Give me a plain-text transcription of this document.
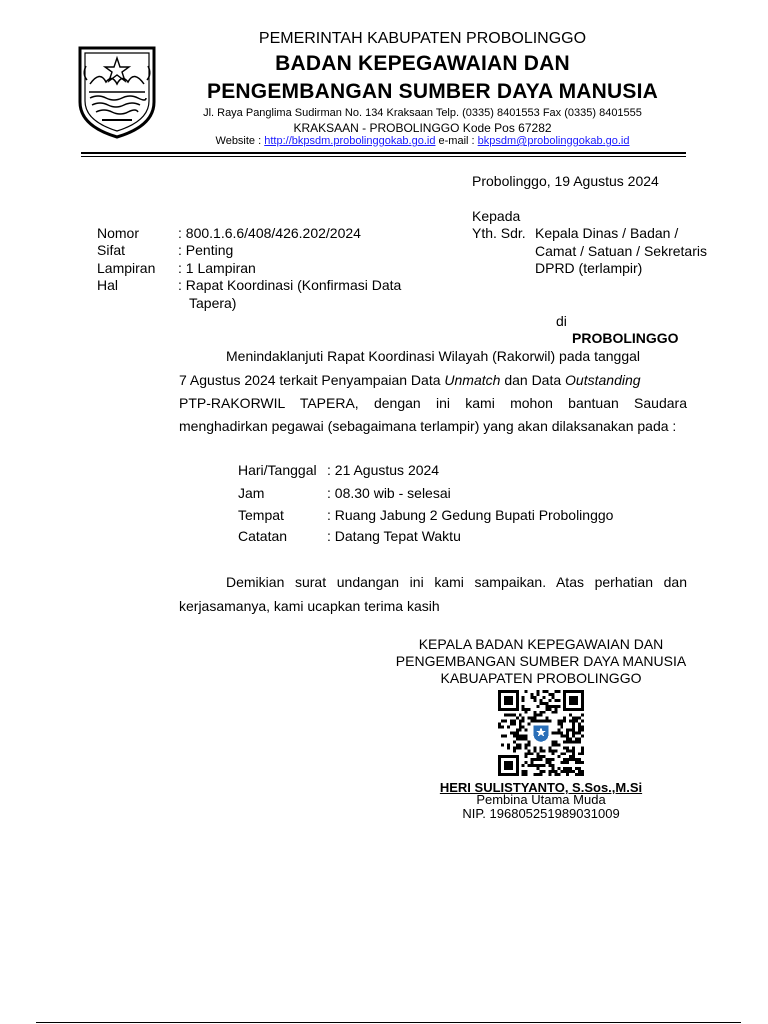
PEMERINTAH KABUPATEN PROBOLINGGO
BADAN KEPEGAWAIAN DAN
PENGEMBANGAN SUMBER DAYA MANUSIA
Jl. Raya Panglima Sudirman No. 134 Kraksaan Telp. (0335) 8401553 Fax (0335) 8401555
KRAKSAAN - PROBOLINGGO Kode Pos 67282
Website : http://bkpsdm.probolinggokab.go.id e-mail : bkpsdm@probolinggokab.go.id
Probolinggo, 19 Agustus 2024
Kepada
Yth. Sdr. Kepala Dinas / Badan /
Camat / Satuan / Sekretaris
DPRD (terlampir)
di
PROBOLINGGO
Nomor	: 800.1.6.6/408/426.202/2024
Sifat	: Penting
Lampiran : 1 Lampiran
Hal	: Rapat Koordinasi (Konfirmasi Data
Tapera)
Menindaklanjuti Rapat Koordinasi Wilayah (Rakorwil) pada tanggal
7 Agustus 2024 terkait Penyampaian Data Unmatch dan Data Outstanding
PTP-RAKORWIL TAPERA, dengan ini kami mohon bantuan Saudara menghadirkan pegawai (sebagaimana terlampir) yang akan dilaksanakan pada :
Hari/Tanggal : 21 Agustus 2024
Jam	: 08.30 wib - selesai
Tempat	: Ruang Jabung 2 Gedung Bupati Probolinggo
Catatan	: Datang Tepat Waktu
Demikian surat undangan ini kami sampaikan. Atas perhatian dan kerjasamanya, kami ucapkan terima kasih
KEPALA BADAN KEPEGAWAIAN DAN
PENGEMBANGAN SUMBER DAYA MANUSIA
KABUAPATEN PROBOLINGGO
HERI SULISTYANTO, S.Sos.,M.Si
Pembina Utama Muda
NIP. 196805251989031009
